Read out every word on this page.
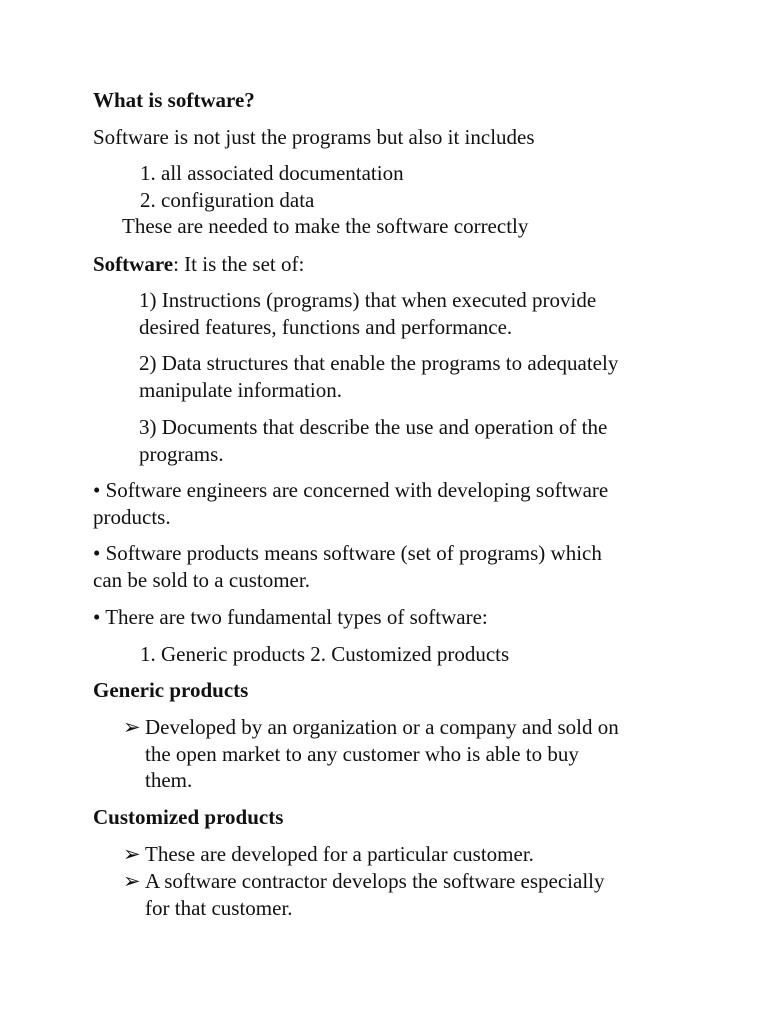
What is software?
Software is not just the programs but also it includes
1. all associated documentation
2. configuration data
These are needed to make the software correctly
Software: It is the set of:
1) Instructions (programs) that when executed provide
desired features, functions and performance.
2) Data structures that enable the programs to adequately
manipulate information.
3) Documents that describe the use and operation of the
programs.
• Software engineers are concerned with developing software
products.
• Software products means software (set of programs) which
can be sold to a customer.
• There are two fundamental types of software:
1. Generic products 2. Customized products
Generic products
➢ Developed by an organization or a company and sold on
the open market to any customer who is able to buy
them.
Customized products
➢ These are developed for a particular customer.
➢ A software contractor develops the software especially
for that customer.
